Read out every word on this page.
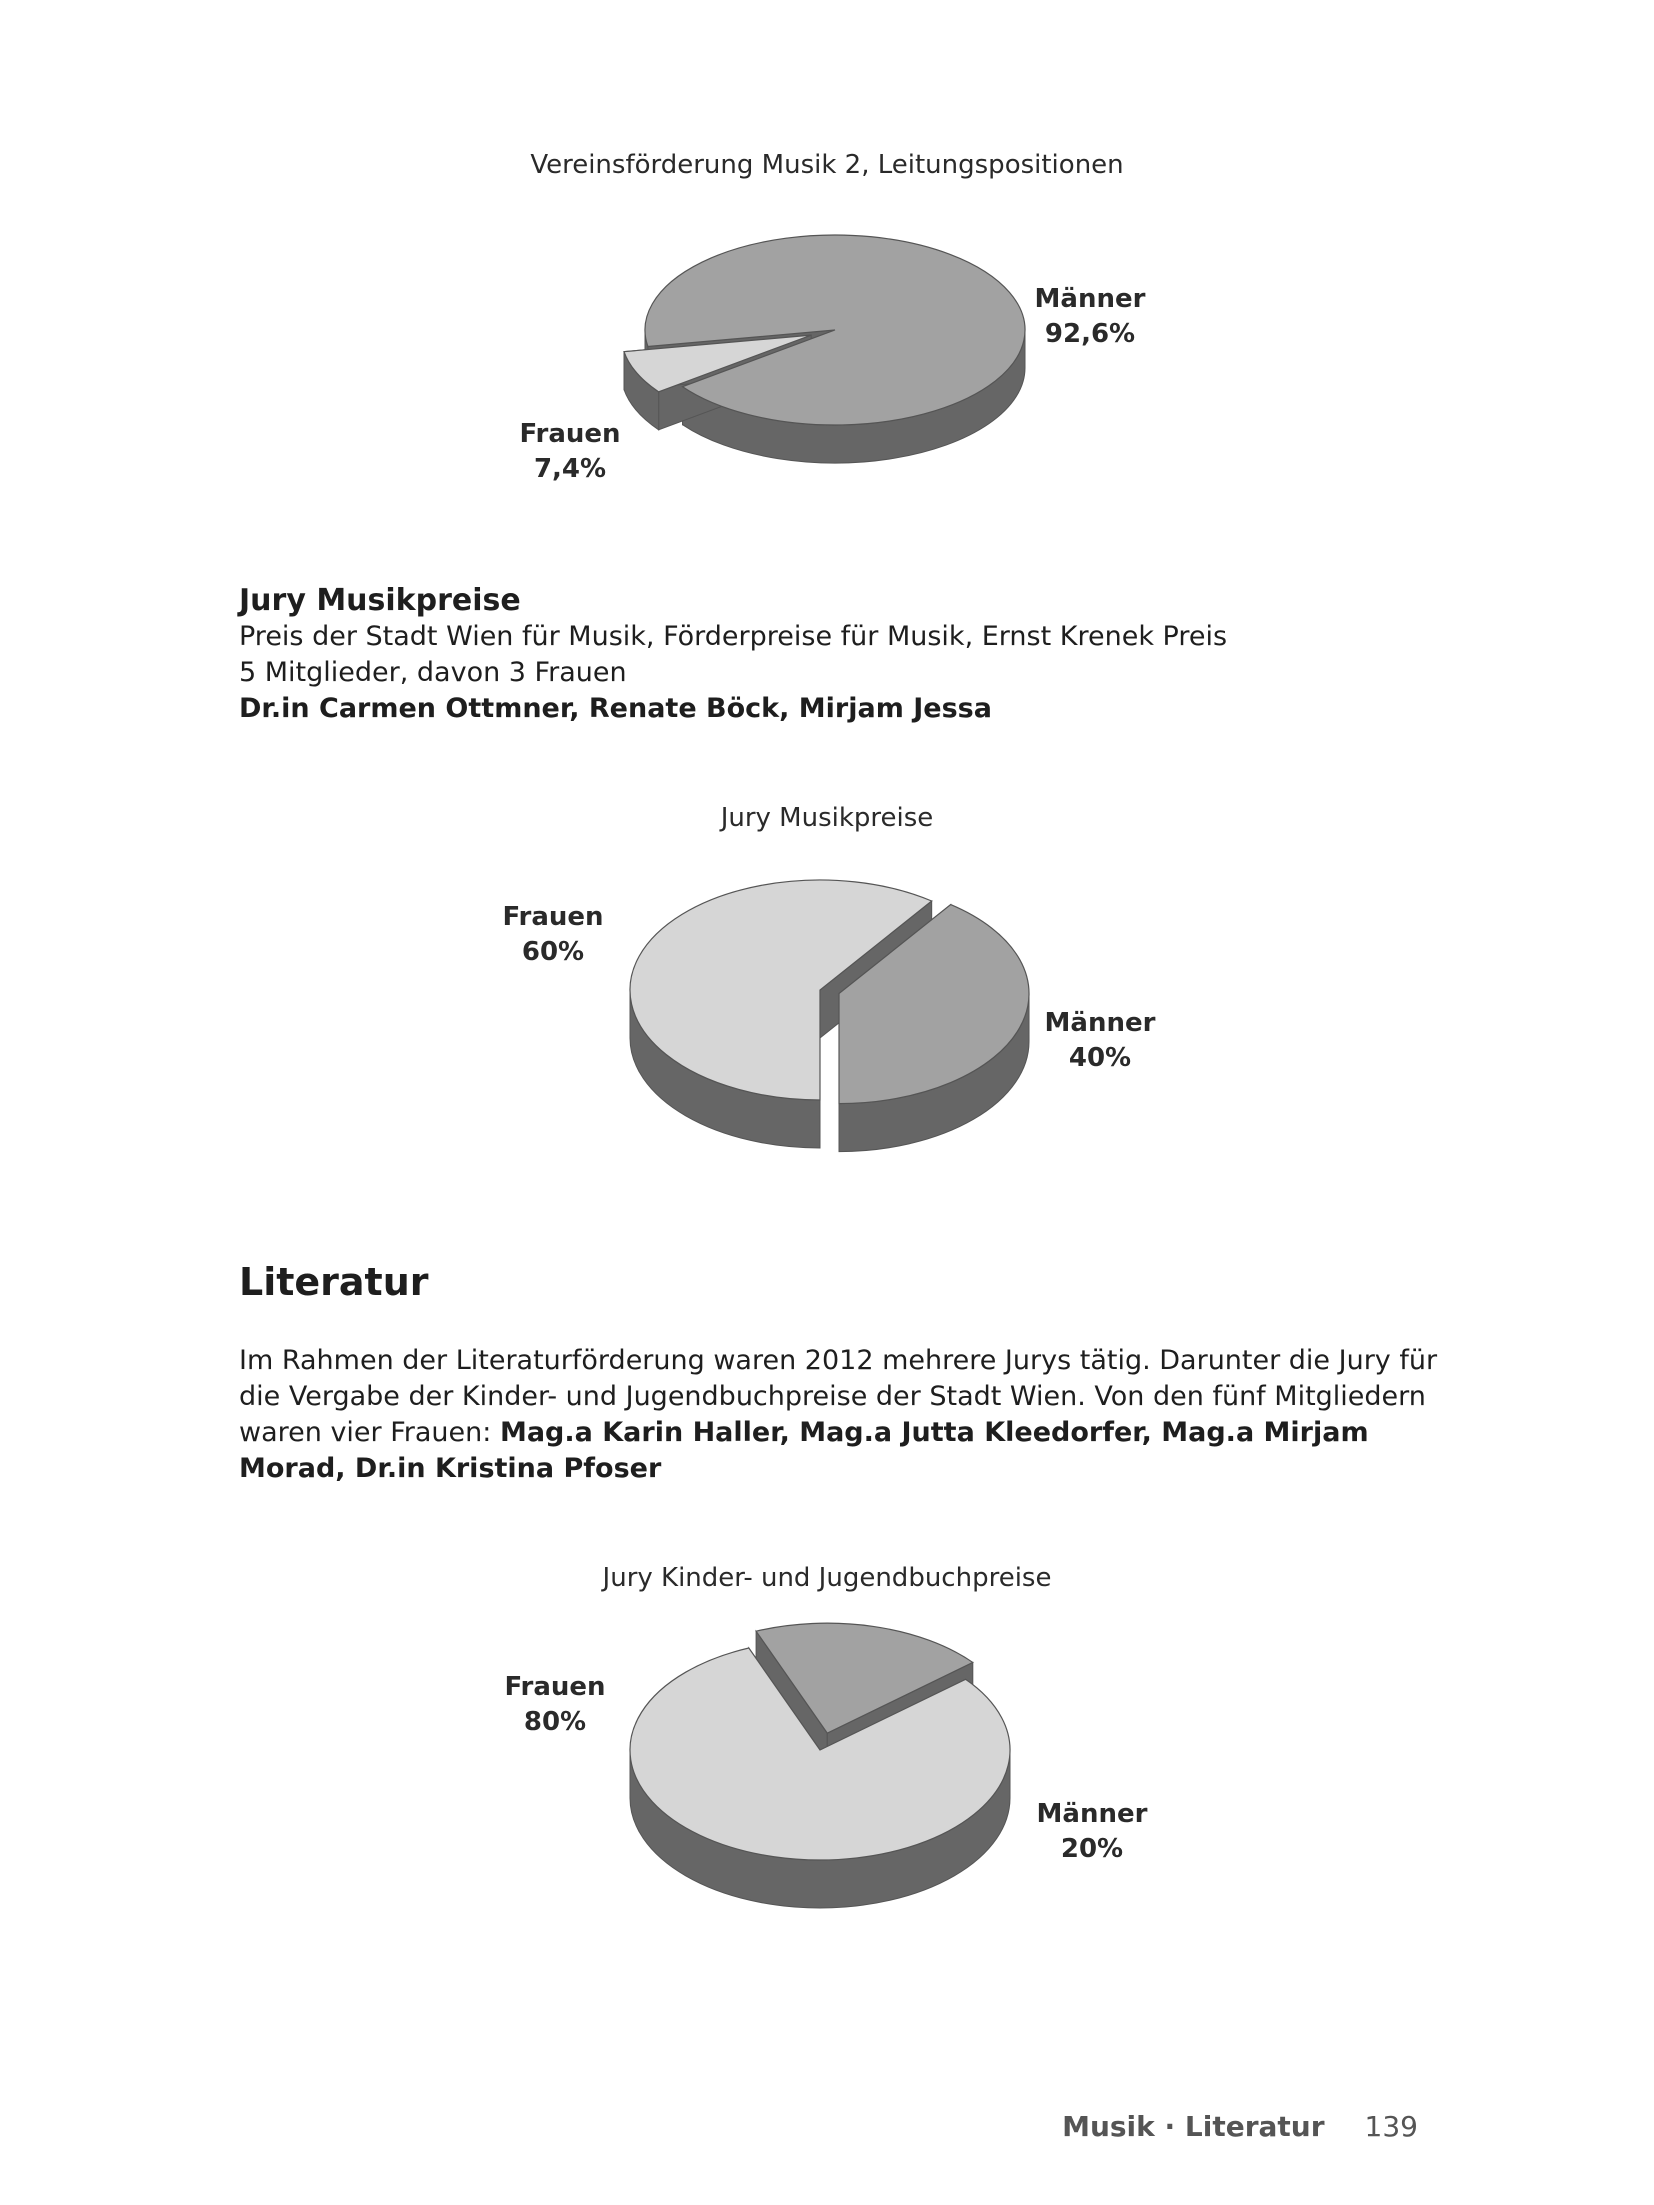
Vereinsförderung Musik 2, Leitungspositionen
Männer
92,6%
Frauen
7,4%

Jury Musikpreise

Preis der Stadt Wien für Musik, Förderpreise für Musik, Ernst Krenek Preis

5 Mitglieder, davon 3 Frauen

Dr.in Carmen Ottmner, Renate Böck, Mirjam Jessa

Jury Musikpreise
Frauen
60%
Männer
40%
Literatur

Im Rahmen der Literaturförderung waren 2012 mehrere Jurys tätig. Darunter die Jury für die Vergabe der Kinder- und Jugendbuchpreise der Stadt Wien. Von den fünf Mitgliedern waren vier Frauen: Mag.a Karin Haller, Mag.a Jutta Kleedorfer, Mag.a Mirjam Morad, Dr.in Kristina Pfoser

Jury Kinder- und Jugendbuchpreise
Frauen
80%
Männer
20%
Musik · Literatur 139
